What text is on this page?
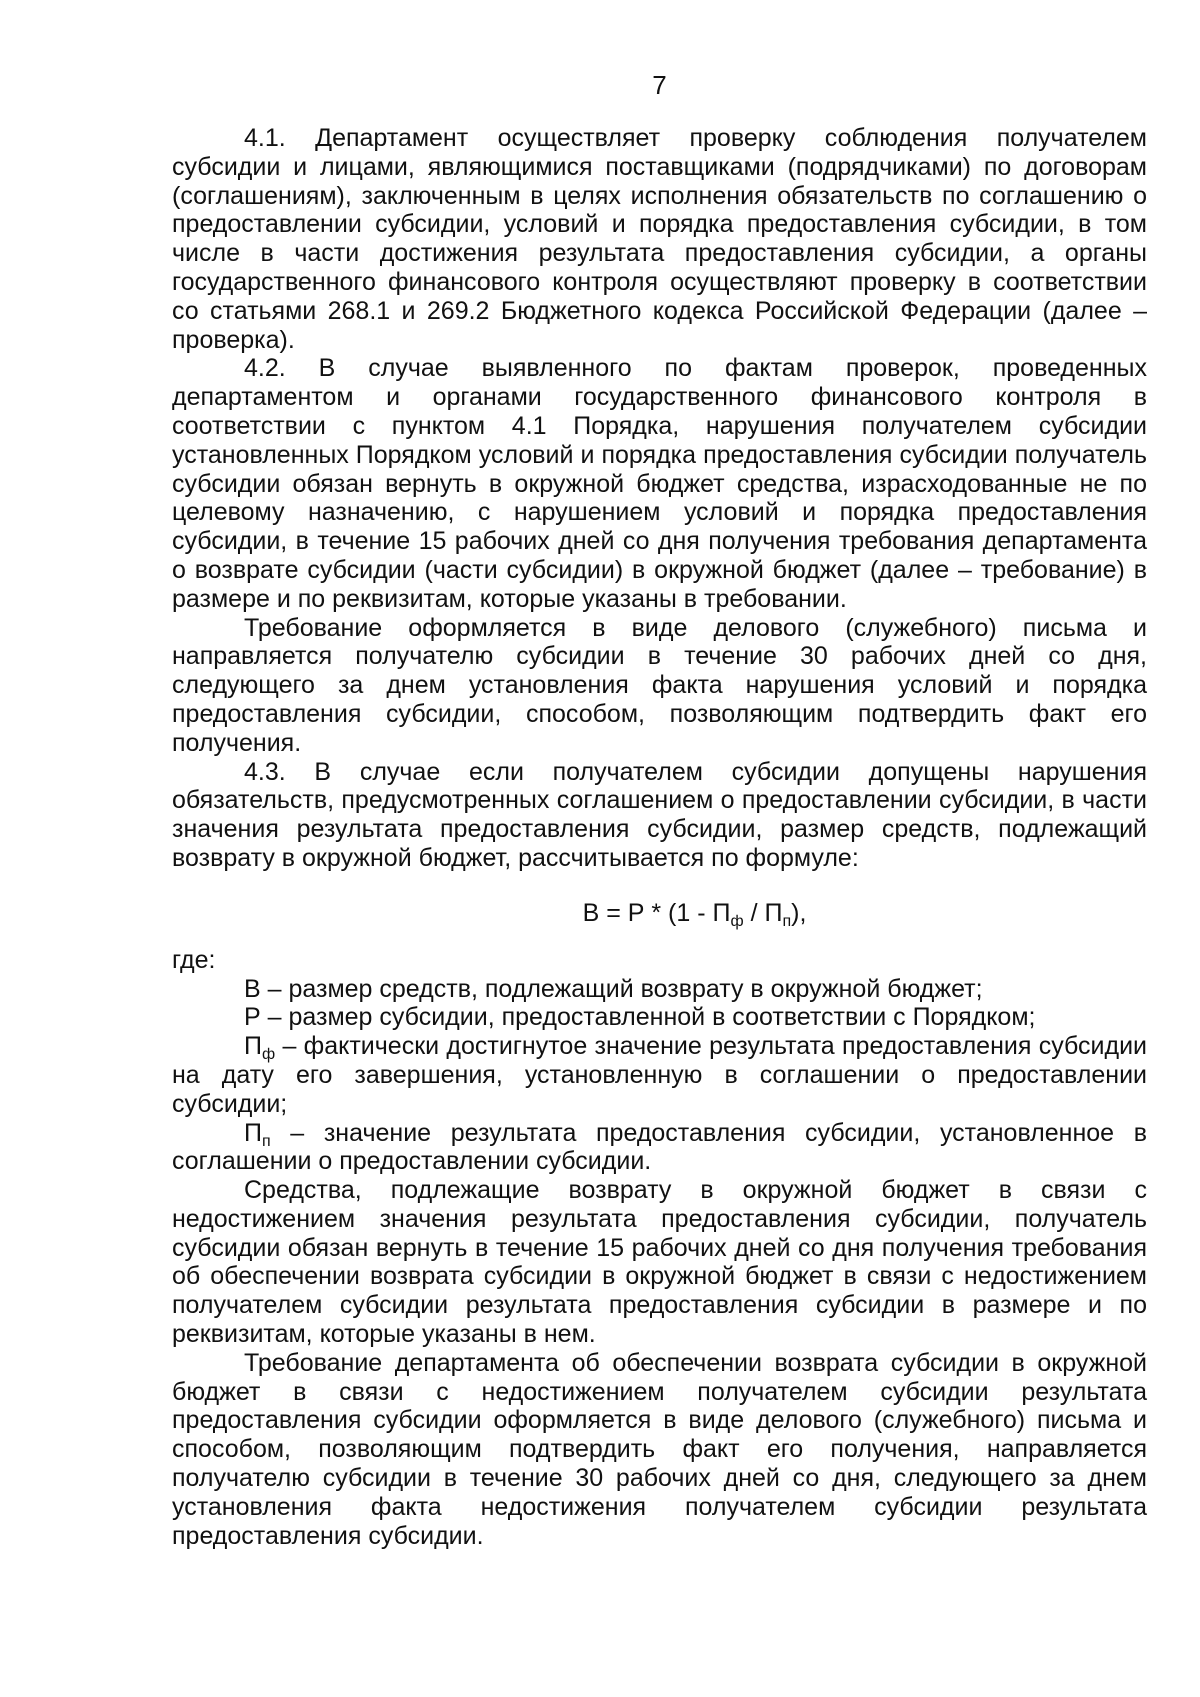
7

4.1. Департамент осуществляет проверку соблюдения получателем субсидии и лицами, являющимися поставщиками (подрядчиками) по договорам (соглашениям), заключенным в целях исполнения обязательств по соглашению о предоставлении субсидии, условий и порядка предоставления субсидии, в том числе в части достижения результата предоставления субсидии, а органы государственного финансового контроля осуществляют проверку в соответствии со статьями 268.1 и 269.2 Бюджетного кодекса Российской Федерации (далее – проверка).

4.2. В случае выявленного по фактам проверок, проведенных департаментом и органами государственного финансового контроля в соответствии с пунктом 4.1 Порядка, нарушения получателем субсидии установленных Порядком условий и порядка предоставления субсидии получатель субсидии обязан вернуть в окружной бюджет средства, израсходованные не по целевому назначению, с нарушением условий и порядка предоставления субсидии, в течение 15 рабочих дней со дня получения требования департамента о возврате субсидии (части субсидии) в окружной бюджет (далее – требование) в размере и по реквизитам, которые указаны в требовании.

Требование оформляется в виде делового (служебного) письма и направляется получателю субсидии в течение 30 рабочих дней со дня, следующего за днем установления факта нарушения условий и порядка предоставления субсидии, способом, позволяющим подтвердить факт его получения.

4.3. В случае если получателем субсидии допущены нарушения обязательств, предусмотренных соглашением о предоставлении субсидии, в части значения результата предоставления субсидии, размер средств, подлежащий возврату в окружной бюджет, рассчитывается по формуле:

$В = Р * (1 - П_ф / П_п)$,

где:

В – размер средств, подлежащий возврату в окружной бюджет;

Р – размер субсидии, предоставленной в соответствии с Порядком;

$П_ф$ – фактически достигнутое значение результата предоставления субсидии на дату его завершения, установленную в соглашении о предоставлении субсидии;

$П_п$ – значение результата предоставления субсидии, установленное в соглашении о предоставлении субсидии.

Средства, подлежащие возврату в окружной бюджет в связи с недостижением значения результата предоставления субсидии, получатель субсидии обязан вернуть в течение 15 рабочих дней со дня получения требования об обеспечении возврата субсидии в окружной бюджет в связи с недостижением получателем субсидии результата предоставления субсидии в размере и по реквизитам, которые указаны в нем.

Требование департамента об обеспечении возврата субсидии в окружной бюджет в связи с недостижением получателем субсидии результата предоставления субсидии оформляется в виде делового (служебного) письма и способом, позволяющим подтвердить факт его получения, направляется получателю субсидии в течение 30 рабочих дней со дня, следующего за днем установления факта недостижения получателем субсидии результата предоставления субсидии.
